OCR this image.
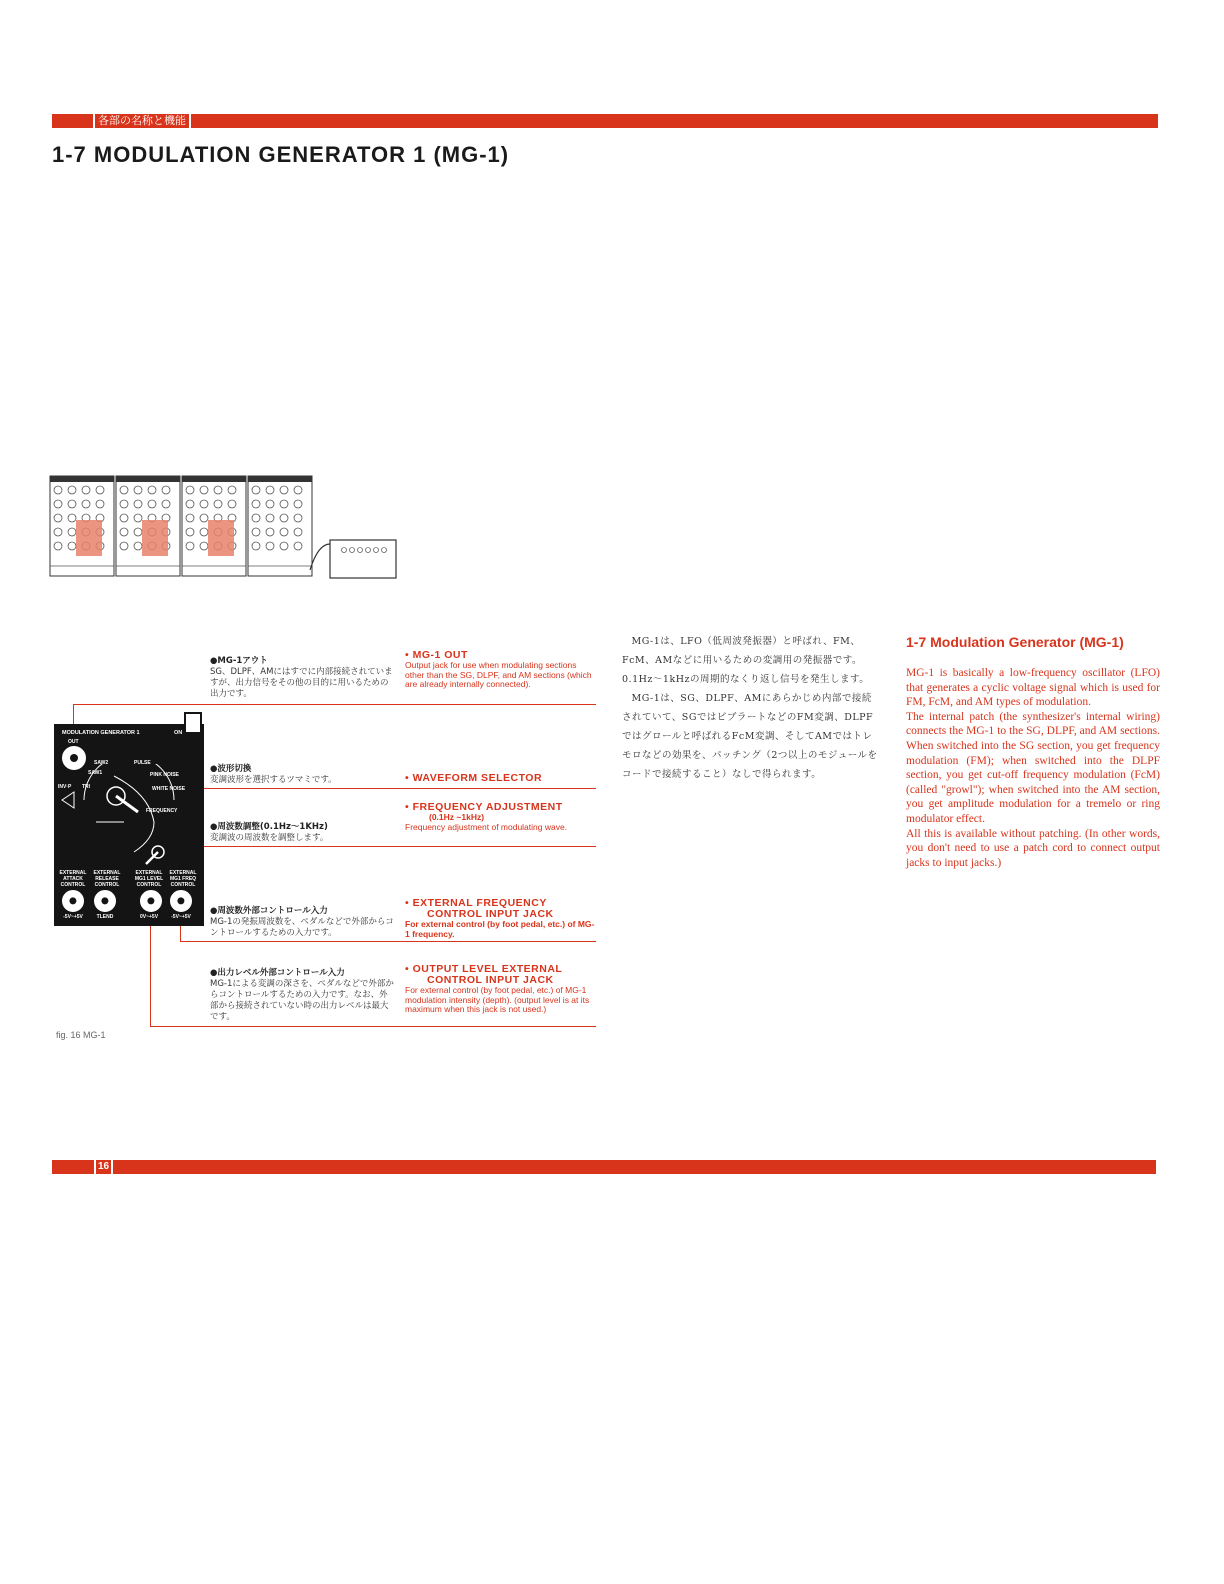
各部の名称と機能
1-7 MODULATION GENERATOR 1 (MG-1)
MODULATION GENERATOR 1	ON
OUT
SAW2	PULSE
SAW1	PINK NOISE
TRI	WHITE NOISE
INV·P
FREQUENCY
EXTERNAL ATTACK CONTROL
EXTERNAL RELEASE CONTROL
EXTERNAL MG1 LEVEL CONTROL
EXTERNAL MG1 FREQ CONTROL
-5V~+5V	TLEND	0V~+5V	-5V~+5V
fig. 16 MG-1
●MG-1アウト
SG、DLPF、AMにはすでに内部接続されていますが、出力信号をその他の目的に用いるための出力です。
• MG-1 OUT
Output jack for use when modulating sections other than the SG, DLPF, and AM sections (which are already internally connected).
●波形切換
変調波形を選択するツマミです。	• WAVEFORM SELECTOR
●周波数調整(0.1Hz～1KHz)
変調波の周波数を調整します。
• FREQUENCY ADJUSTMENT
(0.1Hz ~1kHz)
Frequency adjustment of modulating wave.
●周波数外部コントロール入力
MG-1の発振周波数を、ペダルなどで外部からコントロールするための入力です。
• EXTERNAL FREQUENCY
CONTROL INPUT JACK
For external control (by foot pedal, etc.) of MG-1 frequency.
●出力レベル外部コントロール入力
MG-1による変調の深さを、ペダルなどで外部からコントロールするための入力です。なお、外部から接続されていない時の出力レベルは最大です。
• OUTPUT LEVEL EXTERNAL
CONTROL INPUT JACK
For external control (by foot pedal, etc.) of MG-1 modulation intensity (depth). (output level is at its maximum when this jack is not used.)
MG-1は、LFO（低周波発振器）と呼ばれ、FM、FcM、AMなどに用いるための変調用の発振器です。0.1Hz～1kHzの周期的なくり返し信号を発生します。
MG-1は、SG、DLPF、AMにあらかじめ内部で接続されていて、SGではビブラートなどのFM変調、DLPFではグロールと呼ばれるFcM変調、そしてAMではトレモロなどの効果を、パッチング（2つ以上のモジュールをコードで接続すること）なしで得られます。
1-7 Modulation Generator (MG-1)

MG-1 is basically a low-frequency oscillator (LFO) that generates a cyclic voltage signal which is used for FM, FcM, and AM types of modulation.

The internal patch (the synthesizer's internal wiring) connects the MG-1 to the SG, DLPF, and AM sections. When switched into the SG section, you get frequency modulation (FM); when switched into the DLPF section, you get cut-off frequency modulation (FcM) (called "growl"); when switched into the AM section, you get amplitude modulation for a tremelo or ring modulator effect.

All this is available without patching. (In other words, you don't need to use a patch cord to connect output jacks to input jacks.)

16
